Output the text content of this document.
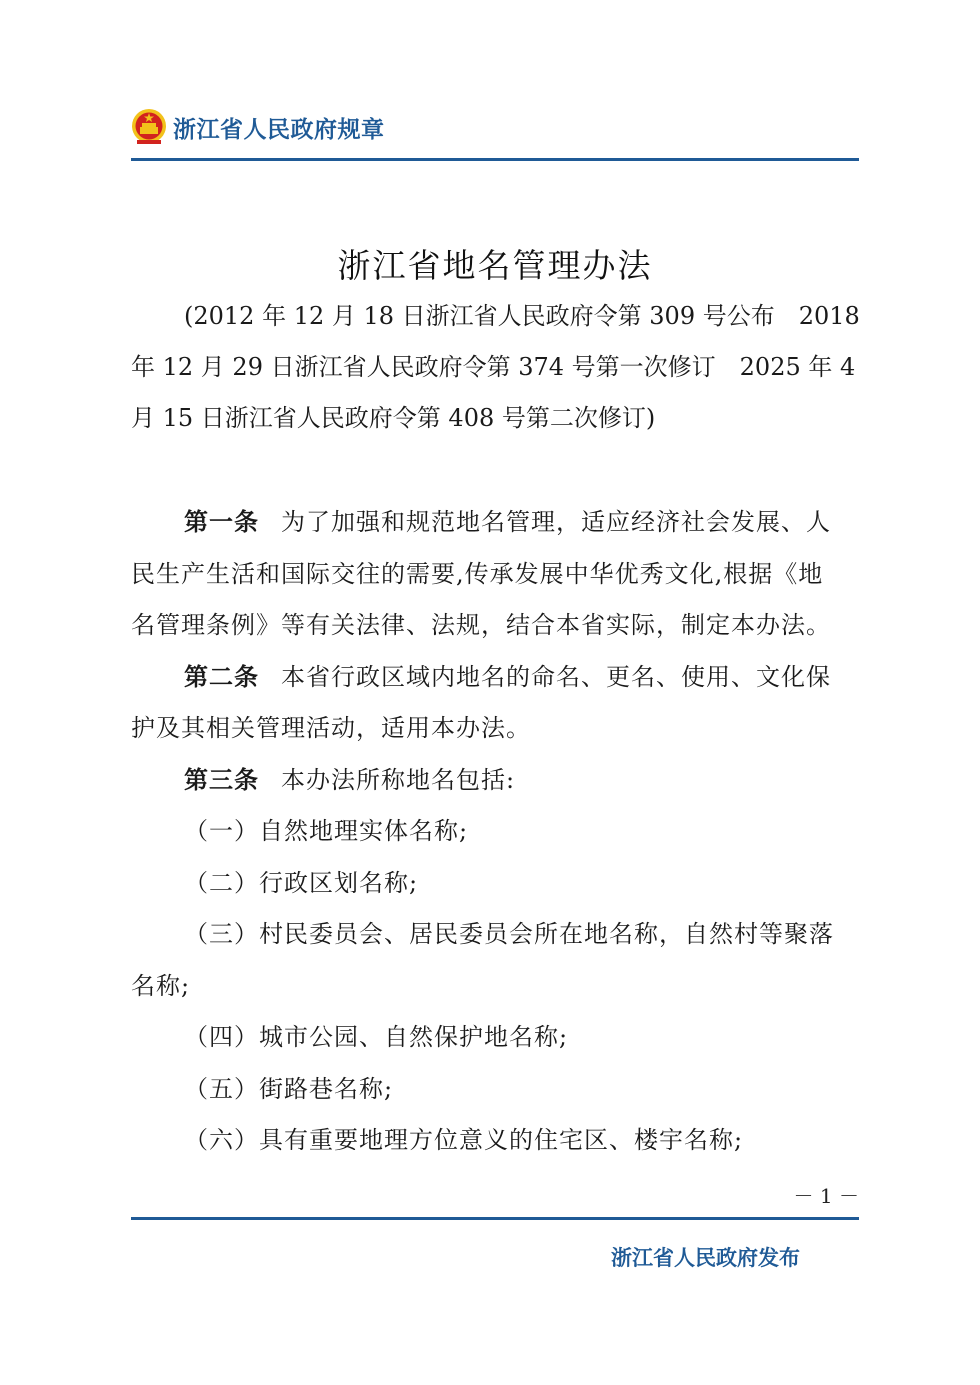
浙江省人民政府规章
浙江省地名管理办法
(2012 年 12 月 18 日浙江省人民政府令第 309 号公布　2018
年 12 月 29 日浙江省人民政府令第 374 号第一次修订　2025 年 4
月 15 日浙江省人民政府令第 408 号第二次修订)
第一条 为了加强和规范地名管理，适应经济社会发展、人
民生产生活和国际交往的需要,传承发展中华优秀文化,根据《地
名管理条例》等有关法律、法规，结合本省实际，制定本办法。
第二条 本省行政区域内地名的命名、更名、使用、文化保
护及其相关管理活动，适用本办法。
第三条 本办法所称地名包括:
（一）自然地理实体名称;
（二）行政区划名称;
（三）村民委员会、居民委员会所在地名称，自然村等聚落
名称;
（四）城市公园、自然保护地名称;
（五）街路巷名称;
（六）具有重要地理方位意义的住宅区、楼宇名称;
－ 1 －
浙江省人民政府发布
